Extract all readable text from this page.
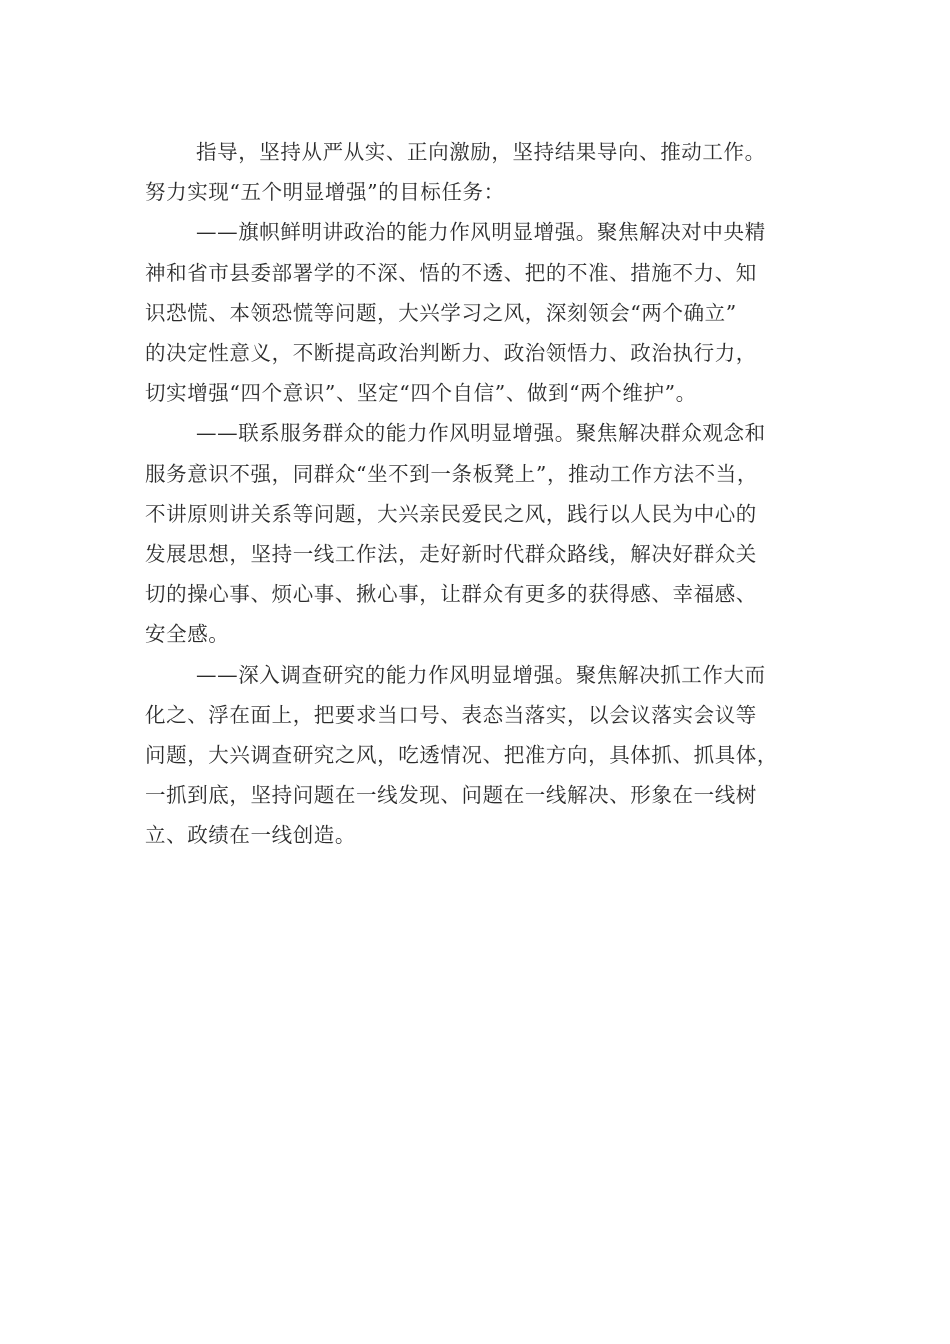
指导，坚持从严从实、正向激励，坚持结果导向、推动工作。
努力实现“五个明显增强”的目标任务：

——旗帜鲜明讲政治的能力作风明显增强。聚焦解决对中央精
神和省市县委部署学的不深、悟的不透、把的不准、措施不力、知
识恐慌、本领恐慌等问题，大兴学习之风，深刻领会“两个确立”
的决定性意义，不断提高政治判断力、政治领悟力、政治执行力，
切实增强“四个意识”、坚定“四个自信”、做到“两个维护”。

——联系服务群众的能力作风明显增强。聚焦解决群众观念和
服务意识不强，同群众“坐不到一条板凳上”，推动工作方法不当，
不讲原则讲关系等问题，大兴亲民爱民之风，践行以人民为中心的
发展思想，坚持一线工作法，走好新时代群众路线，解决好群众关
切的操心事、烦心事、揪心事，让群众有更多的获得感、幸福感、
安全感。

——深入调查研究的能力作风明显增强。聚焦解决抓工作大而
化之、浮在面上，把要求当口号、表态当落实，以会议落实会议等
问题，大兴调查研究之风，吃透情况、把准方向，具体抓、抓具体，
一抓到底，坚持问题在一线发现、问题在一线解决、形象在一线树
立、政绩在一线创造。
